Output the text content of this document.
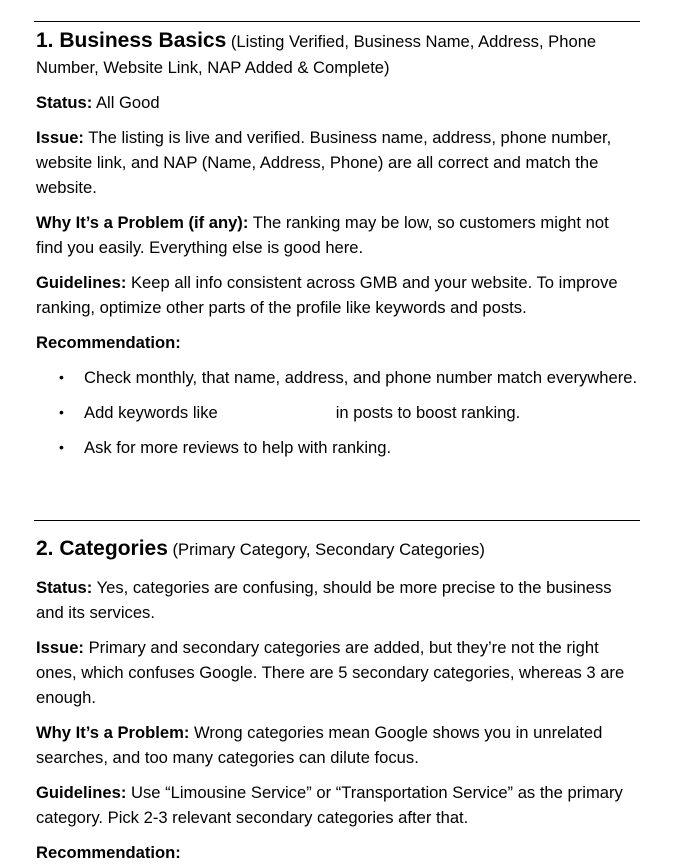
1. Business Basics (Listing Verified, Business Name, Address, Phone Number, Website Link, NAP Added & Complete)

Status: All Good

Issue: The listing is live and verified. Business name, address, phone number, website link, and NAP (Name, Address, Phone) are all correct and match the website.

Why It’s a Problem (if any): The ranking may be low, so customers might not find you easily. Everything else is good here.

Guidelines: Keep all info consistent across GMB and your website. To improve ranking, optimize other parts of the profile like keywords and posts.

Recommendation:

• Check monthly, that name, address, and phone number match everywhere.
• Add keywords like	in posts to boost ranking.
• Ask for more reviews to help with ranking.

2. Categories (Primary Category, Secondary Categories)

Status: Yes, categories are confusing, should be more precise to the business and its services.

Issue: Primary and secondary categories are added, but they’re not the right ones, which confuses Google. There are 5 secondary categories, whereas 3 are enough.

Why It’s a Problem: Wrong categories mean Google shows you in unrelated searches, and too many categories can dilute focus.

Guidelines: Use “Limousine Service” or “Transportation Service” as the primary category. Pick 2-3 relevant secondary categories after that.

Recommendation:
